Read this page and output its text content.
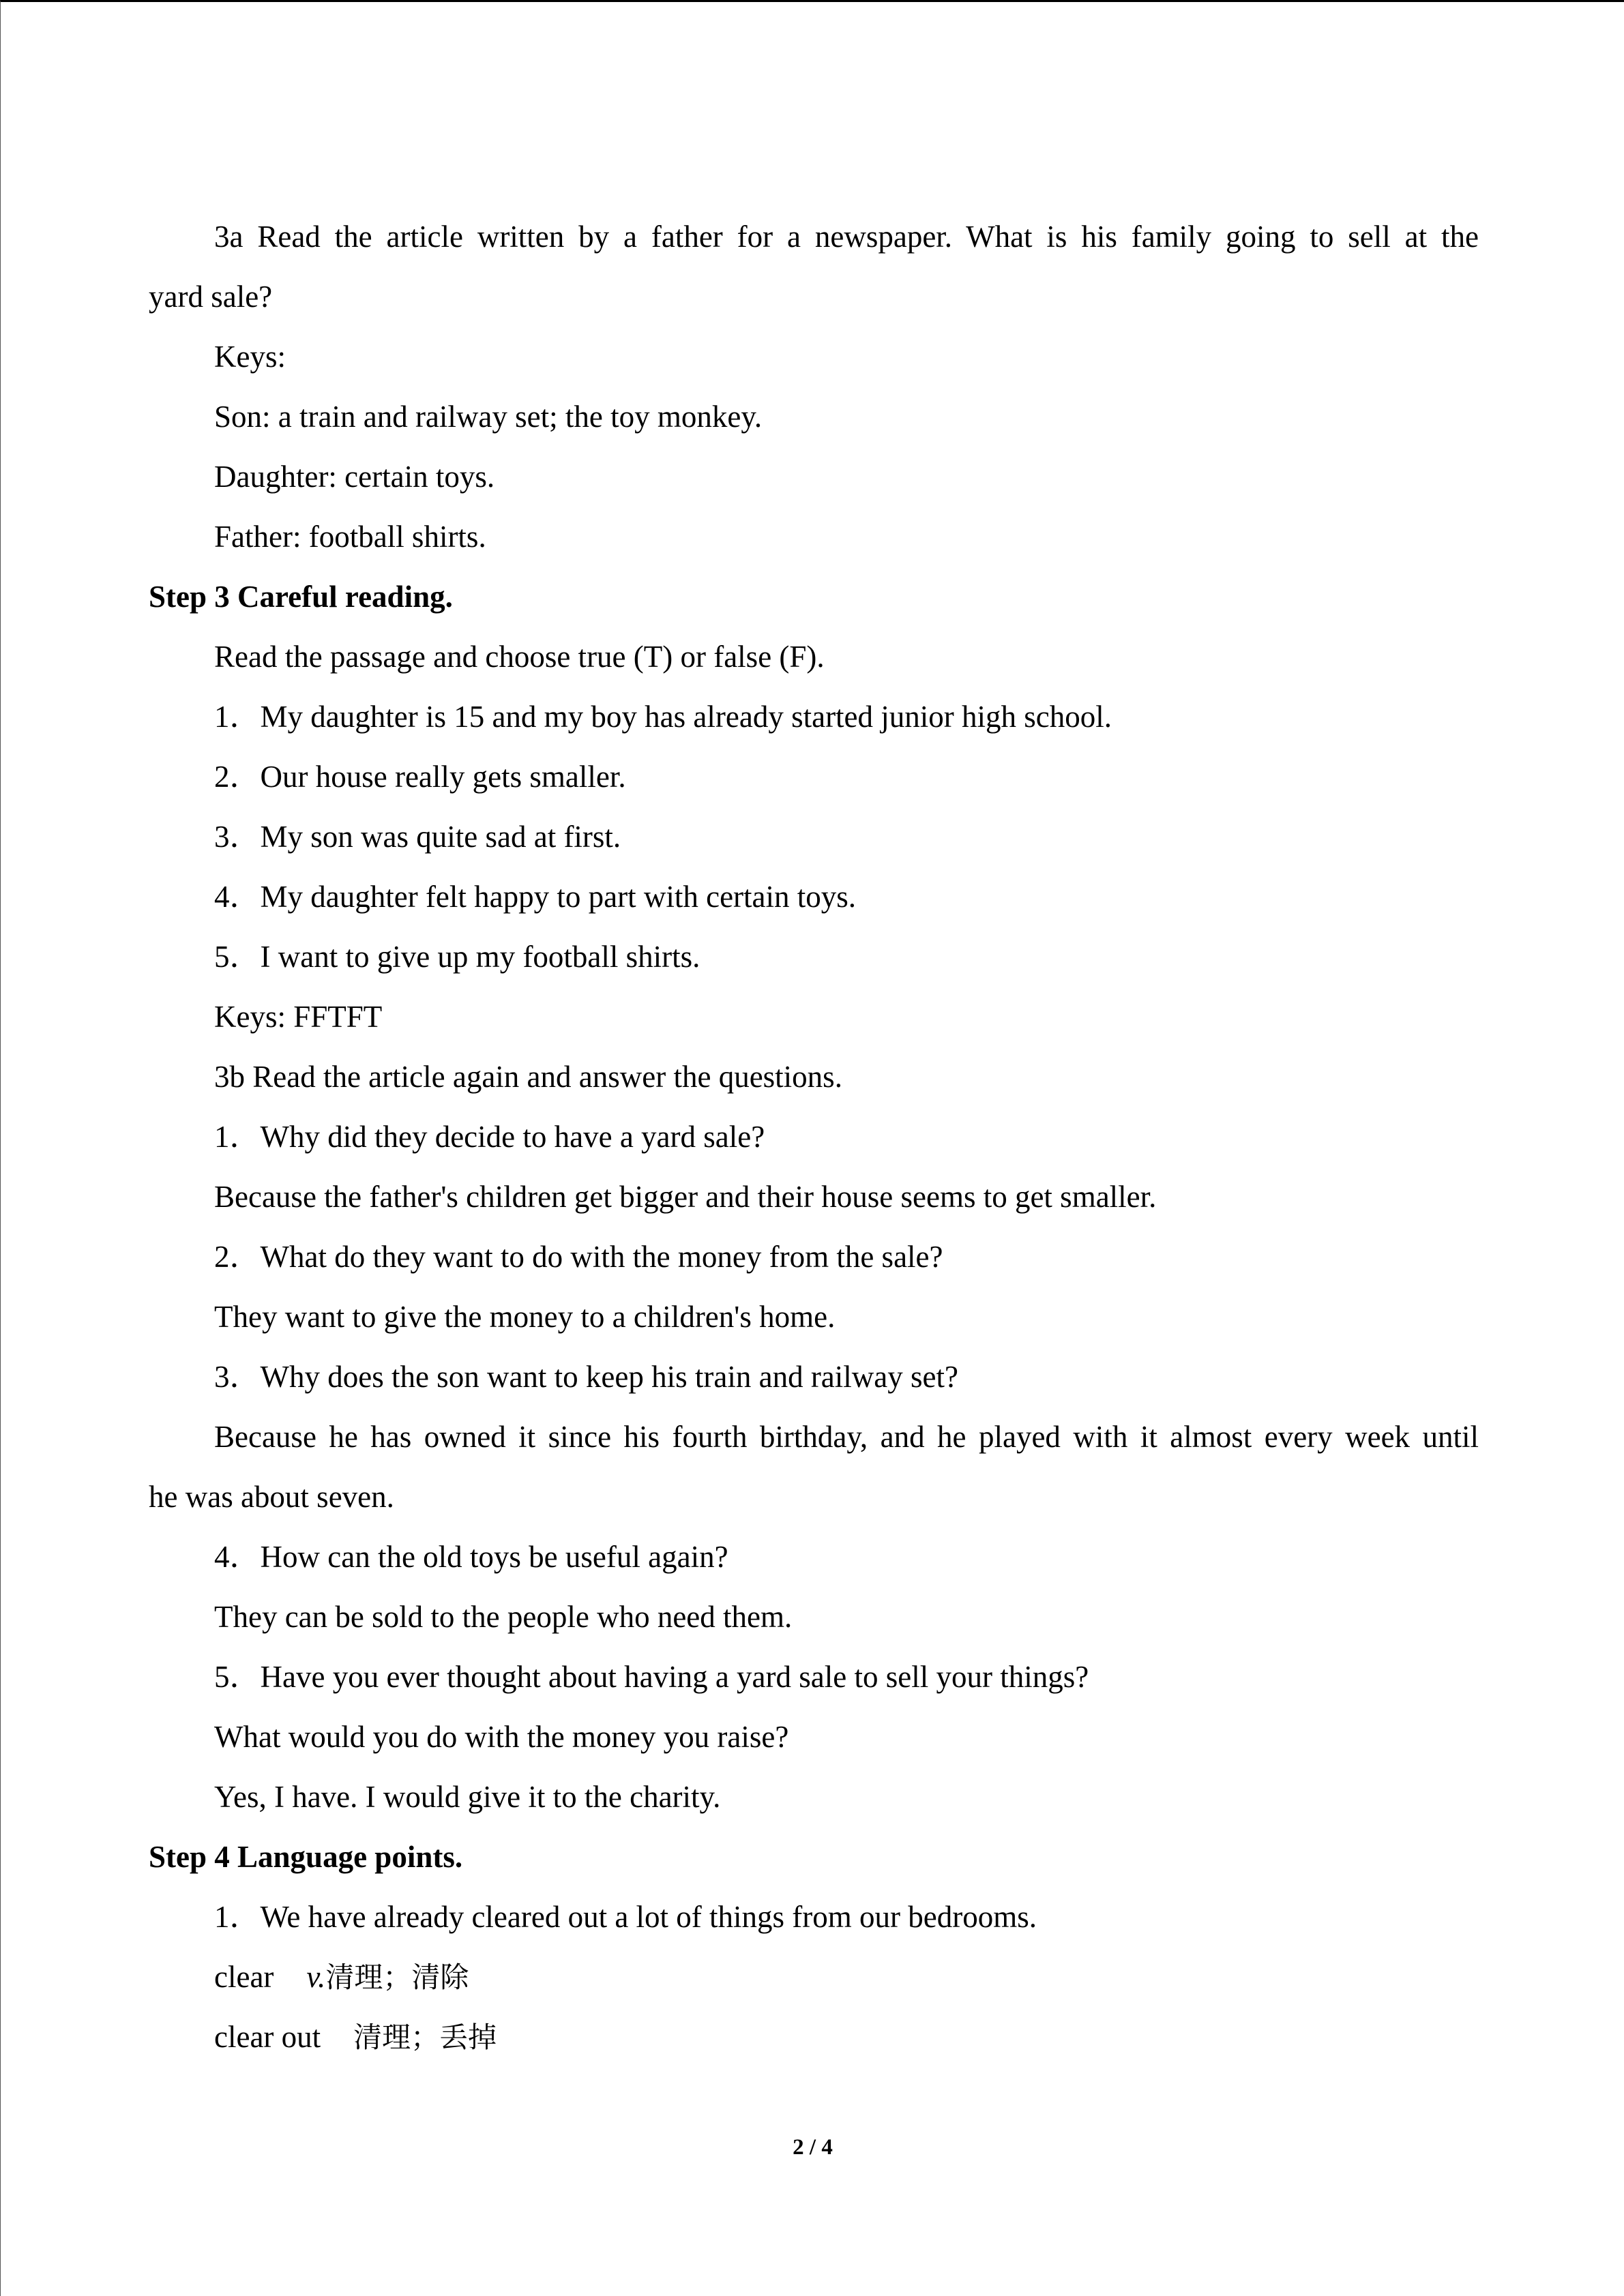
3a Read the article written by a father for a newspaper. What is his family going to sell at the

yard sale?

Keys:

Son: a train and railway set; the toy monkey.

Daughter: certain toys.

Father: football shirts.

Step 3 Careful reading.

Read the passage and choose true (T) or false (F).

1．My daughter is 15 and my boy has already started junior high school.

2．Our house really gets smaller.

3．My son was quite sad at first.

4．My daughter felt happy to part with certain toys.

5．I want to give up my football shirts.

Keys: FFTFT

3b Read the article again and answer the questions.

1．Why did they decide to have a yard sale?

Because the father's children get bigger and their house seems to get smaller.

2．What do they want to do with the money from the sale?

They want to give the money to a children's home.

3．Why does the son want to keep his train and railway set?

Because he has owned it since his fourth birthday, and he played with it almost every week until

he was about seven.

4．How can the old toys be useful again?

They can be sold to the people who need them.

5．Have you ever thought about having a yard sale to sell your things?

What would you do with the money you raise?

Yes, I have. I would give it to the charity.

Step 4 Language points.

1．We have already cleared out a lot of things from our bedrooms.

clear v.清理；清除

clear out 清理；丢掉

2 / 4
